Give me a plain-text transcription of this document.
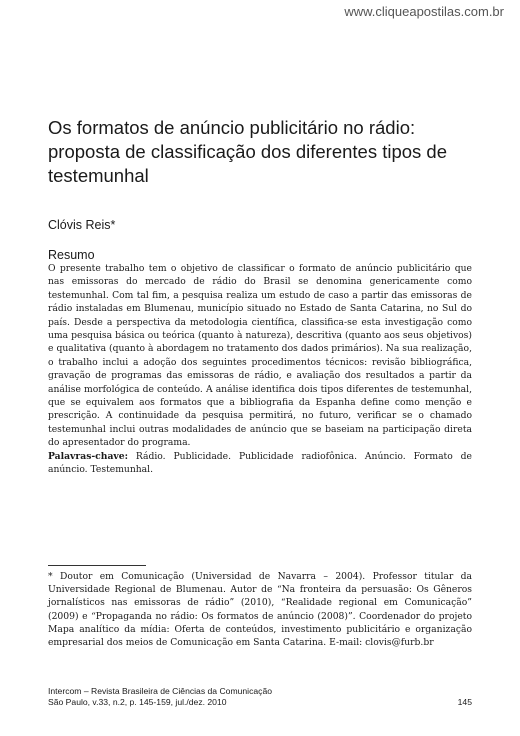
www.cliqueapostilas.com.br
Os formatos de anúncio publicitário no rádio: proposta de classificação dos diferentes tipos de testemunhal
Clóvis Reis*
Resumo
O presente trabalho tem o objetivo de classificar o formato de anúncio publicitário que nas emissoras do mercado de rádio do Brasil se denomina genericamente como testemunhal. Com tal fim, a pesquisa realiza um estudo de caso a partir das emissoras de rádio instaladas em Blumenau, município situado no Estado de Santa Catarina, no Sul do país. Desde a perspectiva da metodologia científica, classifica-se esta investigação como uma pesquisa básica ou teórica (quanto à natureza), descritiva (quanto aos seus objetivos) e qualitativa (quanto à abordagem no tratamento dos dados primários). Na sua realização, o trabalho inclui a adoção dos seguintes procedimentos técnicos: revisão bibliográfica, gravação de programas das emissoras de rádio, e avaliação dos resultados a partir da análise morfológica de conteúdo. A análise identifica dois tipos diferentes de testemunhal, que se equivalem aos formatos que a bibliografia da Espanha define como menção e prescrição. A continuidade da pesquisa permitirá, no futuro, verificar se o chamado testemunhal inclui outras modalidades de anúncio que se baseiam na participação direta do apresentador do programa.
Palavras-chave: Rádio. Publicidade. Publicidade radiofônica. Anúncio. Formato de anúncio. Testemunhal.

* Doutor em Comunicação (Universidad de Navarra – 2004). Professor titular da Universidade Regional de Blumenau. Autor de “Na fronteira da persuasão: Os Gêneros jornalísticos nas emissoras de rádio” (2010), “Realidade regional em Comunicação” (2009) e “Propaganda no rádio: Os formatos de anúncio (2008)”. Coordenador do projeto Mapa analítico da mídia: Oferta de conteúdos, investimento publicitário e organização empresarial dos meios de Comunicação em Santa Catarina. E-mail: clovis@furb.br

Intercom – Revista Brasileira de Ciências da Comunicação
São Paulo, v.33, n.2, p. 145-159, jul./dez. 2010	145
